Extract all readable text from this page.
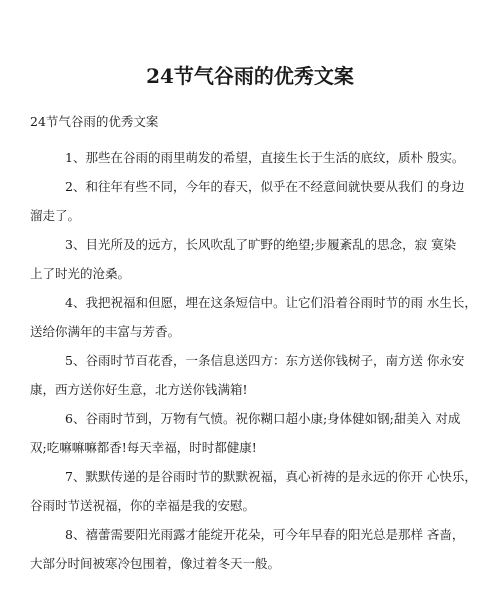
24节气谷雨的优秀文案
24节气谷雨的优秀文案
1、那些在谷雨的雨里萌发的希望，直接生长于生活的底纹，质朴 殷实。
2、和往年有些不同，今年的春天，似乎在不经意间就快要从我们 的身边
溜走了。
3、目光所及的远方，长风吹乱了旷野的绝望;步履紊乱的思念，寂 寞染
上了时光的沧桑。
4、我把祝福和但愿，埋在这条短信中。让它们沿着谷雨时节的雨 水生长，
送给你满年的丰富与芳香。
5、谷雨时节百花香，一条信息送四方：东方送你钱树子，南方送 你永安
康，西方送你好生意，北方送你钱满箱!
6、谷雨时节到，万物有气愤。祝你糊口超小康;身体健如钢;甜美入 对成
双;吃嘛嘛嘛都香!每天幸福，时时都健康!
7、默默传递的是谷雨时节的默默祝福，真心祈祷的是永远的你开 心快乐，
谷雨时节送祝福，你的幸福是我的安慰。
8、禧蕾需要阳光雨露才能绽开花朵，可今年早春的阳光总是那样 吝啬，
大部分时间被寒冷包围着，像过着冬天一般。
